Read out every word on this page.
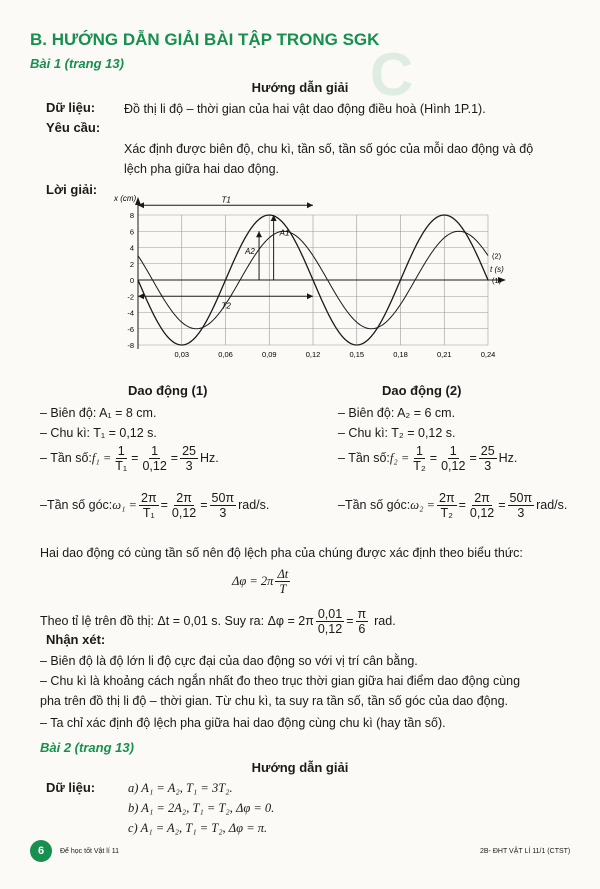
C
B. HƯỚNG DẪN GIẢI BÀI TẬP TRONG SGK
Bài 1 (trang 13)
Hướng dẫn giải
Dữ liệu: Đồ thị li độ – thời gian của hai vật dao động điều hoà (Hình 1P.1).
Yêu cầu:
Xác định được biên độ, chu kì, tần số, tần số góc của mỗi dao động và độ
lệch pha giữa hai dao động.
Lời giải:
x (cm)
t (s)
(1)
(2)
T1
T2
A1
A2
8
6
4
2
0
-2
-4
-6
-8
0,03	0,06	0,09	0,12	0,15	0,18	0,21	0,24
Dao động (1)
– Biên độ: A₁ = 8 cm.
– Chu kì: T₁ = 0,12 s.
– Tần số: $f_1 = \frac{1}{\text{T₁}} = \frac{1}{0,12} = \frac{25}{3} Hz$.
–Tần số góc: $\omega_1 = \frac{2\pi}{\text{T₁}} = \frac{2\pi}{0,12} = \frac{50\pi}{3} rad/s$.
Dao động (2)
– Biên độ: A₂ = 6 cm.
– Chu kì: T₂ = 0,12 s.
– Tần số: $f_2 = \frac{1}{\text{T₂}} = \frac{1}{0,12} = \frac{25}{3} Hz$.
–Tần số góc: $\omega_2 = \frac{2\pi}{\text{T₂}} = \frac{2\pi}{0,12} = \frac{50\pi}{3} rad/s$.
Hai dao động có cùng tần số nên độ lệch pha của chúng được xác định theo biểu thức:
$\Delta\varphi = 2\pi \frac{\Delta t}{T}$
Theo tỉ lệ trên đồ thị: Δt = 0,01 s. Suy ra: $\Delta\varphi = 2\pi \frac{0,01}{0,12} = \frac{\pi}{6}$ rad.
Nhận xét:
– Biên độ là độ lớn li độ cực đại của dao động so với vị trí cân bằng.
– Chu kì là khoảng cách ngắn nhất đo theo trục thời gian giữa hai điểm dao động cùng
pha trên đồ thị li độ – thời gian. Từ chu kì, ta suy ra tần số, tần số góc của dao động.
– Ta chỉ xác định độ lệch pha giữa hai dao động cùng chu kì (hay tần số).
Bài 2 (trang 13)
Hướng dẫn giải
Dữ liệu:	a) A₁ = A₂, T₁ = 3T₂.
b) A₁ = 2A₂, T₁ = T₂, Δφ = 0.
c) A₁ = A₂, T₁ = T₂, Δφ = π.
6	Để học tốt Vật lí 11	2B- ĐHT VẬT LÍ 11/1 (CTST)
